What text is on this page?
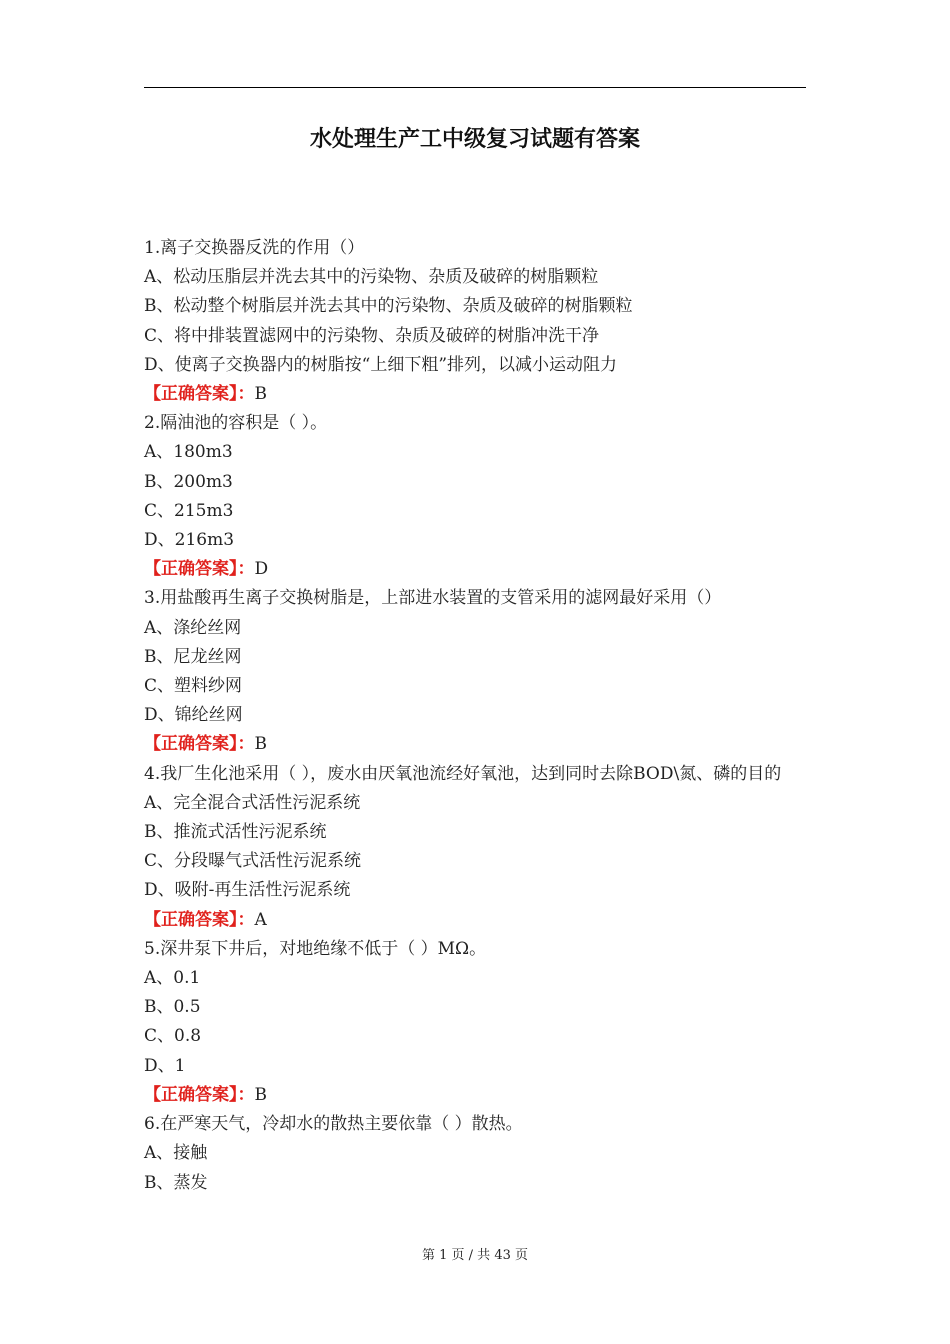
水处理生产工中级复习试题有答案
1.离子交换器反洗的作用（）
A、松动压脂层并洗去其中的污染物、杂质及破碎的树脂颗粒
B、松动整个树脂层并洗去其中的污染物、杂质及破碎的树脂颗粒
C、将中排装置滤网中的污染物、杂质及破碎的树脂冲洗干净
D、使离子交换器内的树脂按“上细下粗”排列，以减小运动阻力
【正确答案】：B
2.隔油池的容积是（ ）。
A、180m3
B、200m3
C、215m3
D、216m3
【正确答案】：D
3.用盐酸再生离子交换树脂是，上部进水装置的支管采用的滤网最好采用（）
A、涤纶丝网
B、尼龙丝网
C、塑料纱网
D、锦纶丝网
【正确答案】：B
4.我厂生化池采用（ ），废水由厌氧池流经好氧池，达到同时去除BOD\氮、磷的目的
A、完全混合式活性污泥系统
B、推流式活性污泥系统
C、分段曝气式活性污泥系统
D、吸附-再生活性污泥系统
【正确答案】：A
5.深井泵下井后，对地绝缘不低于（ ）MΩ。
A、0.1
B、0.5
C、0.8
D、1
【正确答案】：B
6.在严寒天气，冷却水的散热主要依靠（ ）散热。
A、接触
B、蒸发
第 1 页 / 共 43 页
